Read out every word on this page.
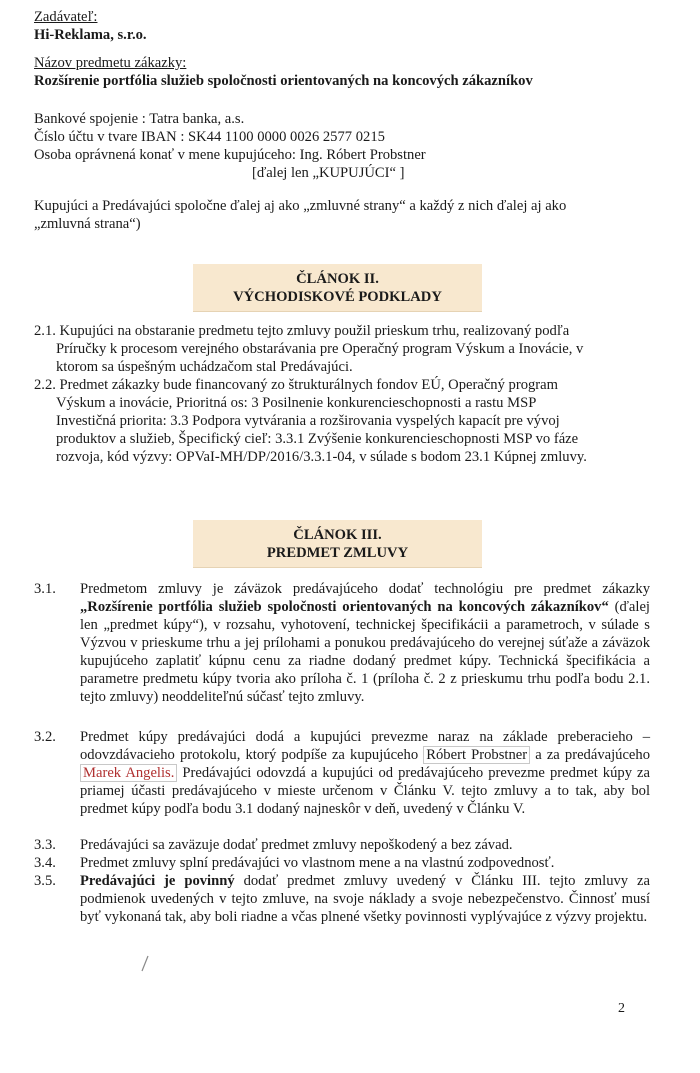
Zadávateľ:
Hi-Reklama, s.r.o.
Názov predmetu zákazky:
Rozšírenie portfólia služieb spoločnosti orientovaných na koncových zákazníkov
Bankové spojenie : Tatra banka, a.s.
Číslo účtu v tvare IBAN : SK44 1100 0000 0026 2577 0215
Osoba oprávnená konať v mene kupujúceho: Ing. Róbert Probstner
[ďalej len „KUPUJÚCI“ ]
Kupujúci a Predávajúci spoločne ďalej aj ako „zmluvné strany“ a každý z nich ďalej aj ako
„zmluvná strana“)
ČLÁNOK II.
VÝCHODISKOVÉ PODKLADY
2.1. Kupujúci na obstaranie predmetu tejto zmluvy použil prieskum trhu, realizovaný podľa
Príručky k procesom verejného obstarávania pre Operačný program Výskum a Inovácie, v
ktorom sa úspešným uchádzačom stal Predávajúci.
2.2. Predmet zákazky bude financovaný zo štrukturálnych fondov EÚ, Operačný program
Výskum a inovácie, Prioritná os: 3 Posilnenie konkurencieschopnosti a rastu MSP
Investičná priorita: 3.3 Podpora vytvárania a rozširovania vyspelých kapacít pre vývoj
produktov a služieb, Špecifický cieľ: 3.3.1 Zvýšenie konkurencieschopnosti MSP vo fáze
rozvoja, kód výzvy: OPVaI-MH/DP/2016/3.3.1-04, v súlade s bodom 23.1 Kúpnej zmluvy.
ČLÁNOK III.
PREDMET ZMLUVY
3.1.	Predmetom zmluvy je záväzok predávajúceho dodať technológiu pre predmet zákazky „Rozšírenie portfólia služieb spoločnosti orientovaných na koncových zákazníkov“ (ďalej len „predmet kúpy“), v rozsahu, vyhotovení, technickej špecifikácii a parametroch, v súlade s Výzvou v prieskume trhu a jej prílohami a ponukou predávajúceho do verejnej súťaže a záväzok kupujúceho zaplatiť kúpnu cenu za riadne dodaný predmet kúpy. Technická špecifikácia a parametre predmetu kúpy tvoria ako príloha č. 1 (príloha č. 2 z prieskumu trhu podľa bodu 2.1. tejto zmluvy) neoddeliteľnú súčasť tejto zmluvy.
3.2.	Predmet kúpy predávajúci dodá a kupujúci prevezme naraz na základe preberacieho – odovzdávacieho protokolu, ktorý podpíše za kupujúceho Róbert Probstner a za predávajúceho Marek Angelis. Predávajúci odovzdá a kupujúci od predávajúceho prevezme predmet kúpy za priamej účasti predávajúceho v mieste určenom v Článku V. tejto zmluvy a to tak, aby bol predmet kúpy podľa bodu 3.1 dodaný najneskôr v deň, uvedený v Článku V.
3.3.	Predávajúci sa zaväzuje dodať predmet zmluvy nepoškodený a bez závad.
3.4.	Predmet zmluvy splní predávajúci vo vlastnom mene a na vlastnú zodpovednosť.
3.5.	Predávajúci je povinný dodať predmet zmluvy uvedený v Článku III. tejto zmluvy za podmienok uvedených v tejto zmluve, na svoje náklady a svoje nebezpečenstvo. Činnosť musí byť vykonaná tak, aby boli riadne a včas plnené všetky povinnosti vyplývajúce z výzvy projektu.
2
